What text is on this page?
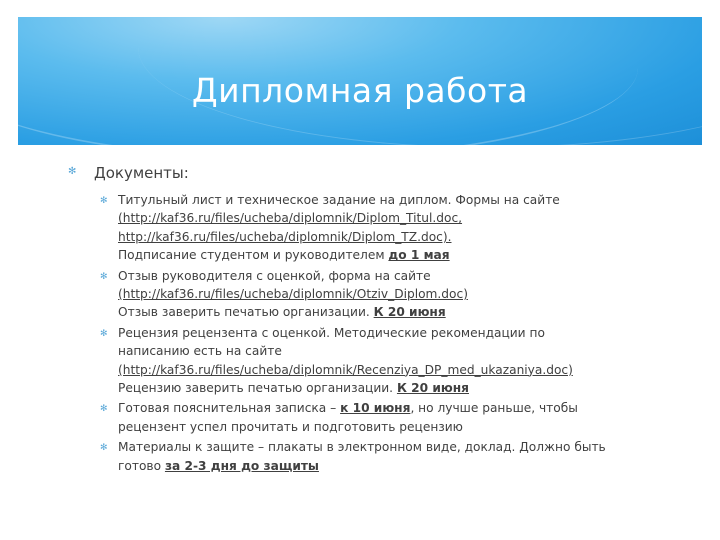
Дипломная работа
✻ Документы:
✻ Титульный лист и техническое задание на диплом. Формы на сайте
(http://kaf36.ru/files/ucheba/diplomnik/Diplom_Titul.doc,
http://kaf36.ru/files/ucheba/diplomnik/Diplom_TZ.doc).
Подписание студентом и руководителем до 1 мая
✻ Отзыв руководителя с оценкой, форма на сайте
(http://kaf36.ru/files/ucheba/diplomnik/Otziv_Diplom.doc)
Отзыв заверить печатью организации. К 20 июня
✻ Рецензия рецензента с оценкой. Методические рекомендации по
написанию есть на сайте
(http://kaf36.ru/files/ucheba/diplomnik/Recenziya_DP_med_ukazaniya.doc)
Рецензию заверить печатью организации. К 20 июня
✻ Готовая пояснительная записка – к 10 июня, но лучше раньше, чтобы
рецензент успел прочитать и подготовить рецензию
✻ Материалы к защите – плакаты в электронном виде, доклад. Должно быть
готово за 2-3 дня до защиты
